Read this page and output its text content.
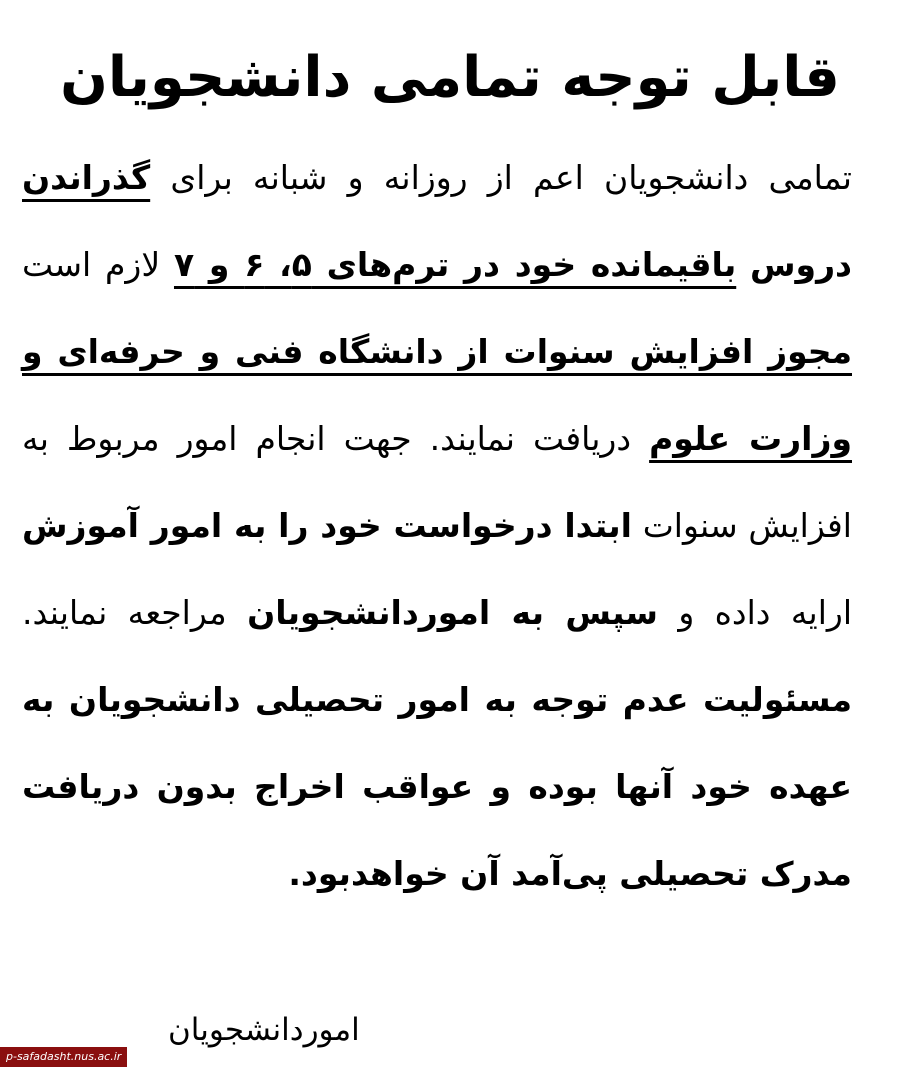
قابل توجه تمامی دانشجویان
تمامی دانشجویان اعم از روزانه و شبانه برای گذراندن
دروس باقیمانده خود در ترم‌های ۵، ۶ و ۷ لازم است
مجوز افزایش سنوات از دانشگاه فنی و حرفه‌ای و
وزارت علوم دریافت نمایند. جهت انجام امور مربوط به
افزایش سنوات ابتدا درخواست خود را به امور آموزش
ارایه داده و سپس به اموردانشجویان مراجعه نمایند.
مسئولیت عدم توجه به امور تحصیلی دانشجویان به
عهده خود آنها بوده و عواقب اخراج بدون دریافت
مدرک تحصیلی پی‌آمد آن خواهدبود.
اموردانشجویان
p-safadasht.nus.ac.ir
